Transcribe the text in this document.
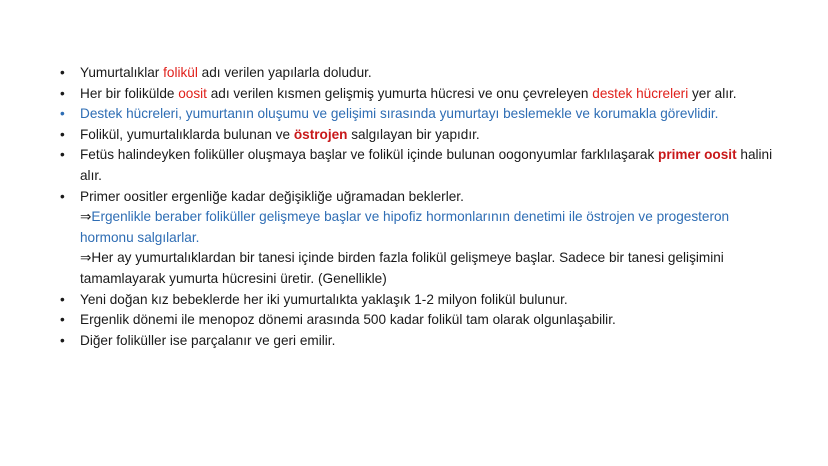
• Yumurtalıklar folikül adı verilen yapılarla doludur.
• Her bir folikülde oosit adı verilen kısmen gelişmiş yumurta hücresi ve onu çevreleyen destek hücreleri yer alır.
• Destek hücreleri, yumurtanın oluşumu ve gelişimi sırasında yumurtayı beslemekle ve korumakla görevlidir.
• Folikül, yumurtalıklarda bulunan ve östrojen salgılayan bir yapıdır.
• Fetüs halindeyken foliküller oluşmaya başlar ve folikül içinde bulunan oogonyumlar farklılaşarak primer oosit halini alır.
• Primer oositler ergenliğe kadar değişikliğe uğramadan beklerler.
⇒Ergenlikle beraber foliküller gelişmeye başlar ve hipofiz hormonlarının denetimi ile östrojen ve progesteron hormonu salgılarlar.
⇒Her ay yumurtalıklardan bir tanesi içinde birden fazla folikül gelişmeye başlar. Sadece bir tanesi gelişimini tamamlayarak yumurta hücresini üretir. (Genellikle)
• Yeni doğan kız bebeklerde her iki yumurtalıkta yaklaşık 1-2 milyon folikül bulunur.
• Ergenlik dönemi ile menopoz dönemi arasında 500 kadar folikül tam olarak olgunlaşabilir.
• Diğer foliküller ise parçalanır ve geri emilir.
